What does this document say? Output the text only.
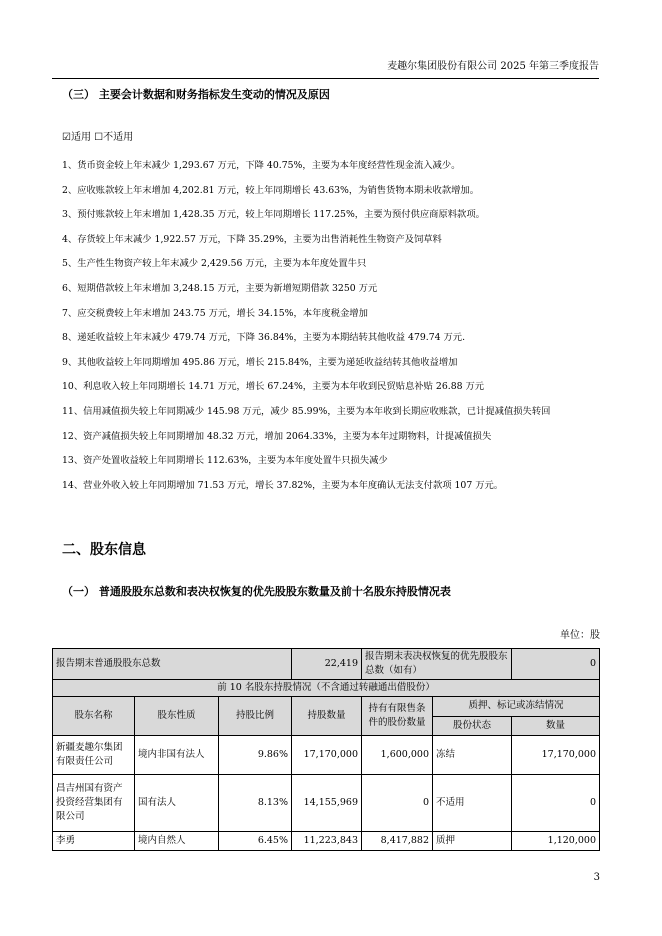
麦趣尔集团股份有限公司 2025 年第三季度报告
（三） 主要会计数据和财务指标发生变动的情况及原因
☑适用 ☐不适用
1、货币资金较上年末减少 1,293.67 万元，下降 40.75%，主要为本年度经营性现金流入减少。
2、应收账款较上年末增加 4,202.81 万元，较上年同期增长 43.63%，为销售货物本期未收款增加。
3、预付账款较上年末增加 1,428.35 万元，较上年同期增长 117.25%，主要为预付供应商原料款项。
4、存货较上年末减少 1,922.57 万元，下降 35.29%，主要为出售消耗性生物资产及饲草料
5、生产性生物资产较上年末减少 2,429.56 万元，主要为本年度处置牛只
6、短期借款较上年末增加 3,248.15 万元，主要为新增短期借款 3250 万元
7、应交税费较上年末增加 243.75 万元，增长 34.15%，本年度税金增加
8、递延收益较上年末减少 479.74 万元，下降 36.84%，主要为本期结转其他收益 479.74 万元.
9、其他收益较上年同期增加 495.86 万元，增长 215.84%，主要为递延收益结转其他收益增加
10、利息收入较上年同期增长 14.71 万元，增长 67.24%，主要为本年收到民贸贴息补贴 26.88 万元
11、信用减值损失较上年同期减少 145.98 万元，减少 85.99%，主要为本年收到长期应收账款，已计提减值损失转回
12、资产减值损失较上年同期增加 48.32 万元，增加 2064.33%，主要为本年过期物料，计提减值损失
13、资产处置收益较上年同期增长 112.63%，主要为本年度处置牛只损失减少
14、营业外收入较上年同期增加 71.53 万元，增长 37.82%，主要为本年度确认无法支付款项 107 万元。
二、股东信息
（一） 普通股股东总数和表决权恢复的优先股股东数量及前十名股东持股情况表
单位：股
报告期末普通股股东总数			22,419	报告期末表决权恢复的优先股股东总数（如有）		0
前 10 名股东持股情况（不含通过转融通出借股份）						
股东名称	股东性质	持股比例	持股数量	持有有限售条件的股份数量	质押、标记或冻结情况	
					股份状态	数量
新疆麦趣尔集团有限责任公司	境内非国有法人	9.86%	17,170,000	1,600,000	冻结	17,170,000
昌吉州国有资产投资经营集团有限公司	国有法人	8.13%	14,155,969	0	不适用	0
李勇	境内自然人	6.45%	11,223,843	8,417,882	质押	1,120,000
3
